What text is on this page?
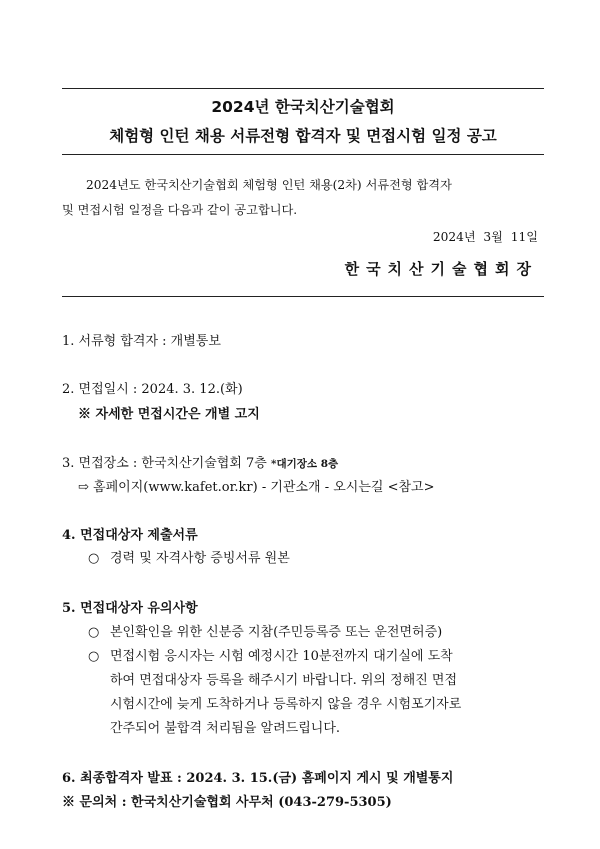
2024년 한국치산기술협회
체험형 인턴 채용 서류전형 합격자 및 면접시험 일정 공고
2024년도 한국치산기술협회 체험형 인턴 채용(2차) 서류전형 합격자
및 면접시험 일정을 다음과 같이 공고합니다.
2024년  3월  11일
한국치산기술협회장
1. 서류형 합격자 : 개별통보
2. 면접일시 : 2024. 3. 12.(화)
※ 자세한 면접시간은 개별 고지
3. 면접장소 : 한국치산기술협회 7층 *대기장소 8층
⇨ 홈페이지(www.kafet.or.kr) - 기관소개 - 오시는길 <참고>
4. 면접대상자 제출서류
○ 경력 및 자격사항 증빙서류 원본
5. 면접대상자 유의사항
○ 본인확인을 위한 신분증 지참(주민등록증 또는 운전면허증)
○ 면접시험 응시자는 시험 예정시간 10분전까지 대기실에 도착
하여 면접대상자 등록을 해주시기 바랍니다. 위의 정해진 면접
시험시간에 늦게 도착하거나 등록하지 않을 경우 시험포기자로
간주되어 불합격 처리됨을 알려드립니다.
6. 최종합격자 발표 : 2024. 3. 15.(금) 홈페이지 게시 및 개별통지
※ 문의처 : 한국치산기술협회 사무처 (043-279-5305)
